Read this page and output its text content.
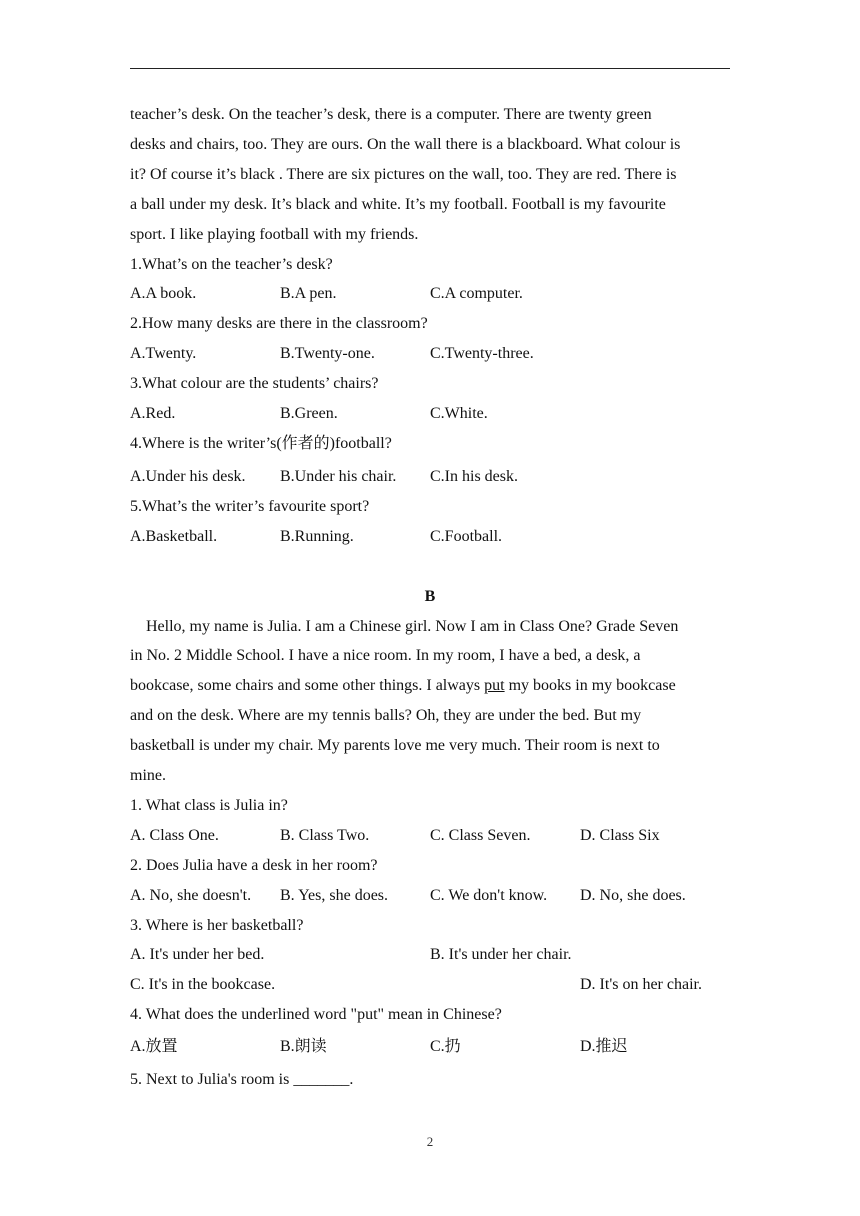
teacher’s desk. On the teacher’s desk, there is a computer. There are twenty green

desks and chairs, too. They are ours. On the wall there is a blackboard. What colour is

it? Of course it’s black . There are six pictures on the wall, too. They are red. There is

a ball under my desk. It’s black and white. It’s my football. Football is my favourite

sport. I like playing football with my friends.

1.What’s on the teacher’s desk?

A.A book.	B.A pen.	C.A computer.

2.How many desks are there in the classroom?

A.Twenty.	B.Twenty-one.	C.Twenty-three.

3.What colour are the students’ chairs?

A.Red.	B.Green.	C.White.

4.Where is the writer’s(作者的)football?

A.Under his desk.	B.Under his chair.	C.In his desk.

5.What’s the writer’s favourite sport?

A.Basketball.	B.Running.	C.Football.

B

Hello, my name is Julia. I am a Chinese girl. Now I am in Class One? Grade Seven

in No. 2 Middle School. I have a nice room. In my room, I have a bed, a desk, a

bookcase, some chairs and some other things. I always put my books in my bookcase

and on the desk. Where are my tennis balls? Oh, they are under the bed. But my

basketball is under my chair. My parents love me very much. Their room is next to

mine.

1. What class is Julia in?

A. Class One.	B. Class Two.	C. Class Seven.	D. Class Six

2. Does Julia have a desk in her room?

A. No, she doesn't.	B. Yes, she does.	C. We don't know.	D. No, she does.

3. Where is her basketball?

A. It's under her bed.	B. It's under her chair.
C. It's in the bookcase.	D. It's on her chair.

4. What does the underlined word "put" mean in Chinese?

A.放置	B.朗读	C.扔	D.推迟

5. Next to Julia's room is _______.

2
